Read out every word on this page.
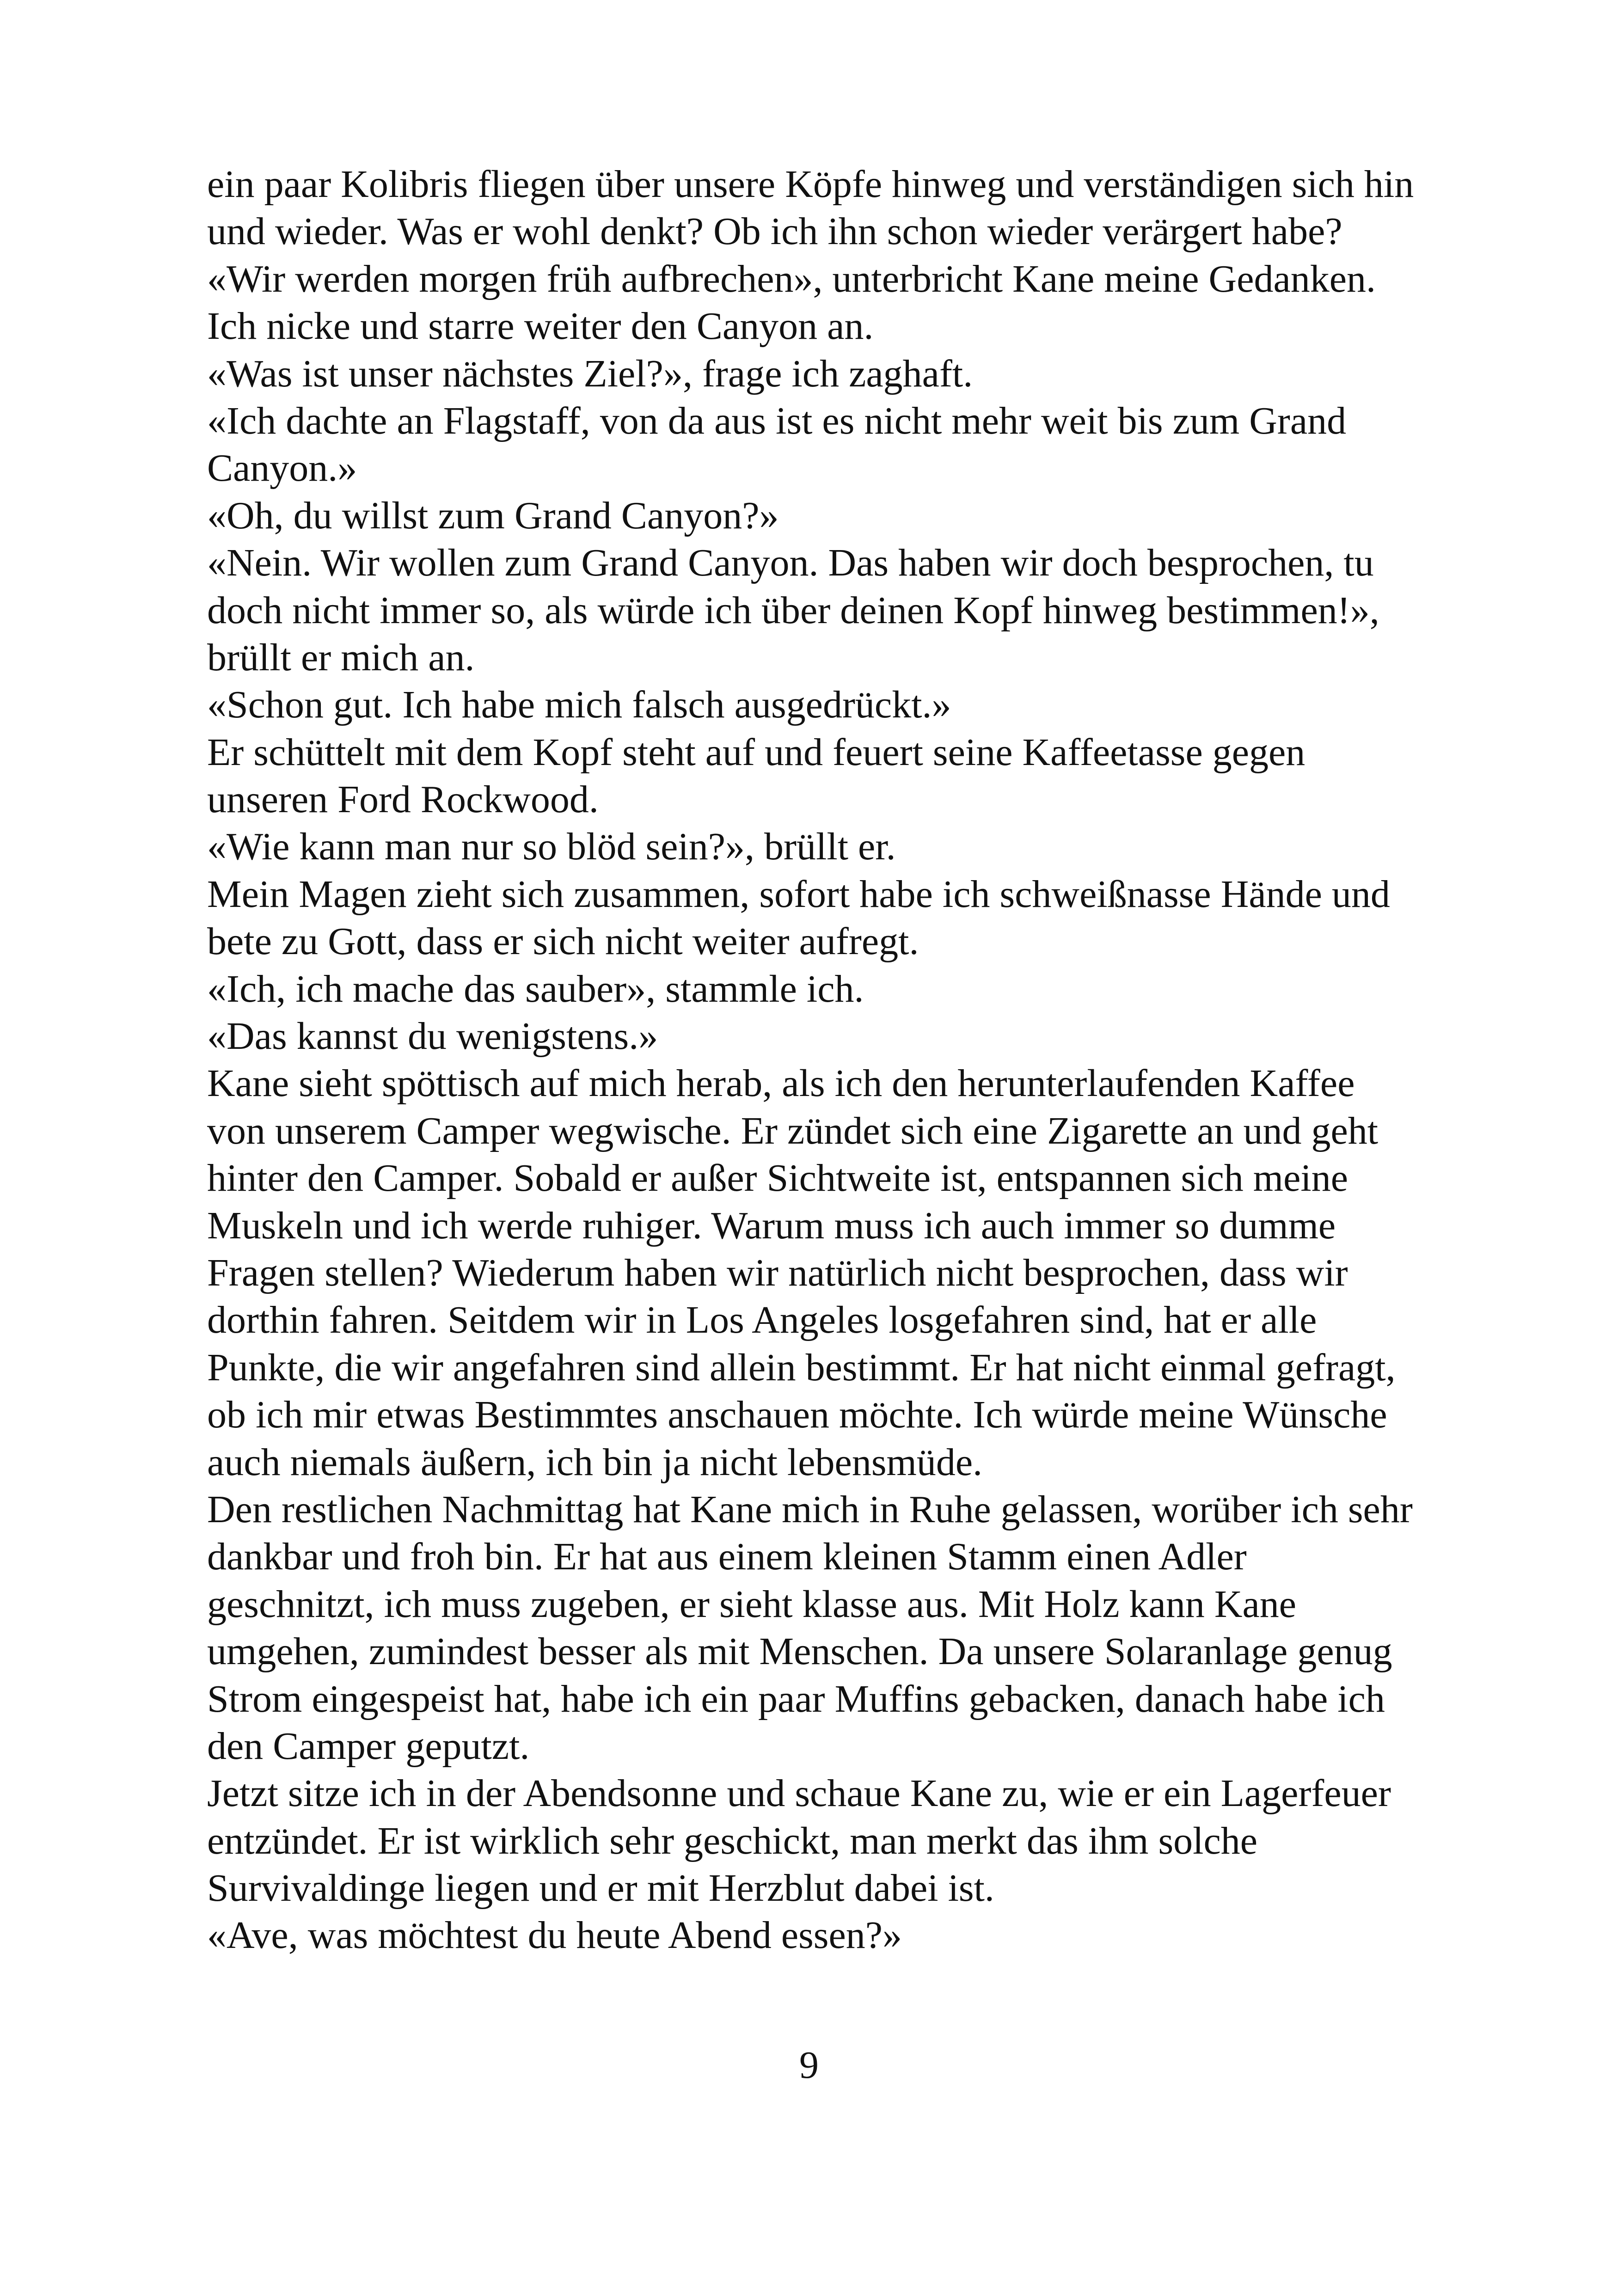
ein paar Kolibris fliegen über unsere Köpfe hinweg und verständigen sich hin
und wieder. Was er wohl denkt? Ob ich ihn schon wieder verärgert habe?
«Wir werden morgen früh aufbrechen», unterbricht Kane meine Gedanken.
Ich nicke und starre weiter den Canyon an.
«Was ist unser nächstes Ziel?», frage ich zaghaft.
«Ich dachte an Flagstaff, von da aus ist es nicht mehr weit bis zum Grand
Canyon.»
«Oh, du willst zum Grand Canyon?»
«Nein. Wir wollen zum Grand Canyon. Das haben wir doch besprochen, tu
doch nicht immer so, als würde ich über deinen Kopf hinweg bestimmen!»,
brüllt er mich an.
«Schon gut. Ich habe mich falsch ausgedrückt.»
Er schüttelt mit dem Kopf steht auf und feuert seine Kaffeetasse gegen
unseren Ford Rockwood.
«Wie kann man nur so blöd sein?», brüllt er.
Mein Magen zieht sich zusammen, sofort habe ich schweißnasse Hände und
bete zu Gott, dass er sich nicht weiter aufregt.
«Ich, ich mache das sauber», stammle ich.
«Das kannst du wenigstens.»
Kane sieht spöttisch auf mich herab, als ich den herunterlaufenden Kaffee
von unserem Camper wegwische. Er zündet sich eine Zigarette an und geht
hinter den Camper. Sobald er außer Sichtweite ist, entspannen sich meine
Muskeln und ich werde ruhiger. Warum muss ich auch immer so dumme
Fragen stellen? Wiederum haben wir natürlich nicht besprochen, dass wir
dorthin fahren. Seitdem wir in Los Angeles losgefahren sind, hat er alle
Punkte, die wir angefahren sind allein bestimmt. Er hat nicht einmal gefragt,
ob ich mir etwas Bestimmtes anschauen möchte. Ich würde meine Wünsche
auch niemals äußern, ich bin ja nicht lebensmüde.
Den restlichen Nachmittag hat Kane mich in Ruhe gelassen, worüber ich sehr
dankbar und froh bin. Er hat aus einem kleinen Stamm einen Adler
geschnitzt, ich muss zugeben, er sieht klasse aus. Mit Holz kann Kane
umgehen, zumindest besser als mit Menschen. Da unsere Solaranlage genug
Strom eingespeist hat, habe ich ein paar Muffins gebacken, danach habe ich
den Camper geputzt.
Jetzt sitze ich in der Abendsonne und schaue Kane zu, wie er ein Lagerfeuer
entzündet. Er ist wirklich sehr geschickt, man merkt das ihm solche
Survivaldinge liegen und er mit Herzblut dabei ist.
«Ave, was möchtest du heute Abend essen?»
9
